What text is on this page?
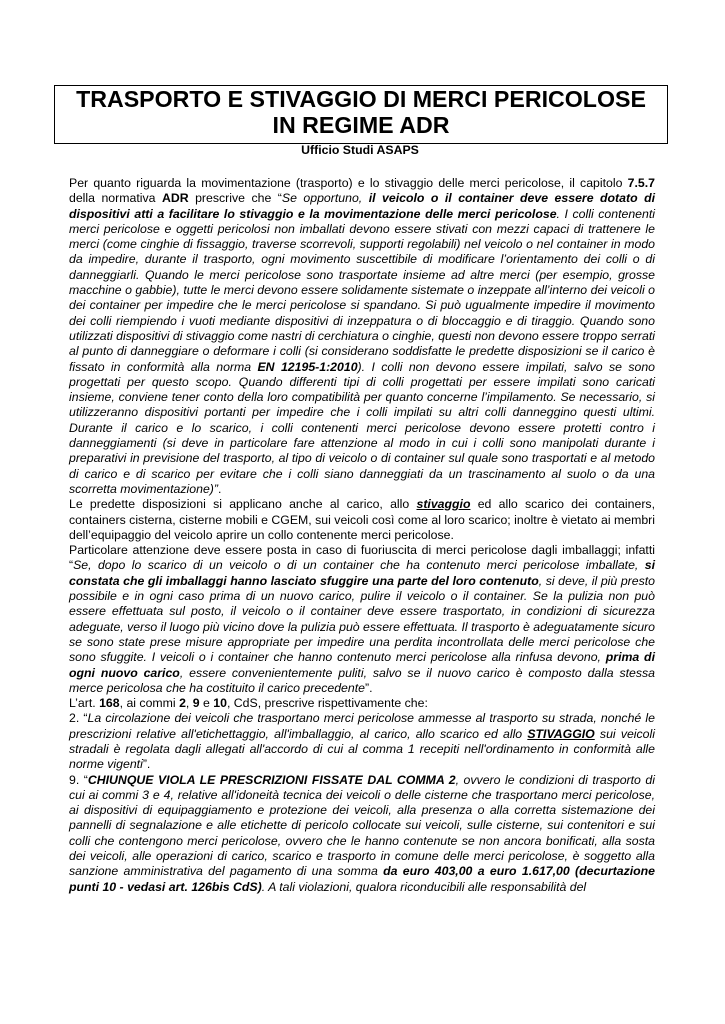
TRASPORTO E STIVAGGIO DI MERCI PERICOLOSE
IN REGIME ADR
Ufficio Studi ASAPS

Per quanto riguarda la movimentazione (trasporto) e lo stivaggio delle merci pericolose, il capitolo 7.5.7 della normativa ADR prescrive che “Se opportuno, il veicolo o il container deve essere dotato di dispositivi atti a facilitare lo stivaggio e la movimentazione delle merci pericolose. I colli contenenti merci pericolose e oggetti pericolosi non imballati devono essere stivati con mezzi capaci di trattenere le merci (come cinghie di fissaggio, traverse scorrevoli, supporti regolabili) nel veicolo o nel container in modo da impedire, durante il trasporto, ogni movimento suscettibile di modificare l’orientamento dei colli o di danneggiarli. Quando le merci pericolose sono trasportate insieme ad altre merci (per esempio, grosse macchine o gabbie), tutte le merci devono essere solidamente sistemate o inzeppate all’interno dei veicoli o dei container per impedire che le merci pericolose si spandano. Si può ugualmente impedire il movimento dei colli riempiendo i vuoti mediante dispositivi di inzeppatura o di bloccaggio e di tiraggio. Quando sono utilizzati dispositivi di stivaggio come nastri di cerchiatura o cinghie, questi non devono essere troppo serrati al punto di danneggiare o deformare i colli (si considerano soddisfatte le predette disposizioni se il carico è fissato in conformità alla norma EN 12195-1:2010). I colli non devono essere impilati, salvo se sono progettati per questo scopo. Quando differenti tipi di colli progettati per essere impilati sono caricati insieme, conviene tener conto della loro compatibilità per quanto concerne l’impilamento. Se necessario, si utilizzeranno dispositivi portanti per impedire che i colli impilati su altri colli danneggino questi ultimi. Durante il carico e lo scarico, i colli contenenti merci pericolose devono essere protetti contro i danneggiamenti (si deve in particolare fare attenzione al modo in cui i colli sono manipolati durante i preparativi in previsione del trasporto, al tipo di veicolo o di container sul quale sono trasportati e al metodo di carico e di scarico per evitare che i colli siano danneggiati da un trascinamento al suolo o da una scorretta movimentazione)”.

Le predette disposizioni si applicano anche al carico, allo stivaggio ed allo scarico dei containers, containers cisterna, cisterne mobili e CGEM, sui veicoli così come al loro scarico; inoltre è vietato ai membri dell’equipaggio del veicolo aprire un collo contenente merci pericolose.

Particolare attenzione deve essere posta in caso di fuoriuscita di merci pericolose dagli imballaggi; infatti “Se, dopo lo scarico di un veicolo o di un container che ha contenuto merci pericolose imballate, si constata che gli imballaggi hanno lasciato sfuggire una parte del loro contenuto, si deve, il più presto possibile e in ogni caso prima di un nuovo carico, pulire il veicolo o il container. Se la pulizia non può essere effettuata sul posto, il veicolo o il container deve essere trasportato, in condizioni di sicurezza adeguate, verso il luogo più vicino dove la pulizia può essere effettuata. Il trasporto è adeguatamente sicuro se sono state prese misure appropriate per impedire una perdita incontrollata delle merci pericolose che sono sfuggite. I veicoli o i container che hanno contenuto merci pericolose alla rinfusa devono, prima di ogni nuovo carico, essere convenientemente puliti, salvo se il nuovo carico è composto dalla stessa merce pericolosa che ha costituito il carico precedente”.

L’art. 168, ai commi 2, 9 e 10, CdS, prescrive rispettivamente che:

2. “La circolazione dei veicoli che trasportano merci pericolose ammesse al trasporto su strada, nonché le prescrizioni relative all'etichettaggio, all'imballaggio, al carico, allo scarico ed allo STIVAGGIO sui veicoli stradali è regolata dagli allegati all'accordo di cui al comma 1 recepiti nell'ordinamento in conformità alle norme vigenti”.

9. “CHIUNQUE VIOLA LE PRESCRIZIONI FISSATE DAL COMMA 2, ovvero le condizioni di trasporto di cui ai commi 3 e 4, relative all'idoneità tecnica dei veicoli o delle cisterne che trasportano merci pericolose, ai dispositivi di equipaggiamento e protezione dei veicoli, alla presenza o alla corretta sistemazione dei pannelli di segnalazione e alle etichette di pericolo collocate sui veicoli, sulle cisterne, sui contenitori e sui colli che contengono merci pericolose, ovvero che le hanno contenute se non ancora bonificati, alla sosta dei veicoli, alle operazioni di carico, scarico e trasporto in comune delle merci pericolose, è soggetto alla sanzione amministrativa del pagamento di una somma da euro 403,00 a euro 1.617,00 (decurtazione punti 10 - vedasi art. 126bis CdS). A tali violazioni, qualora riconducibili alle responsabilità del
